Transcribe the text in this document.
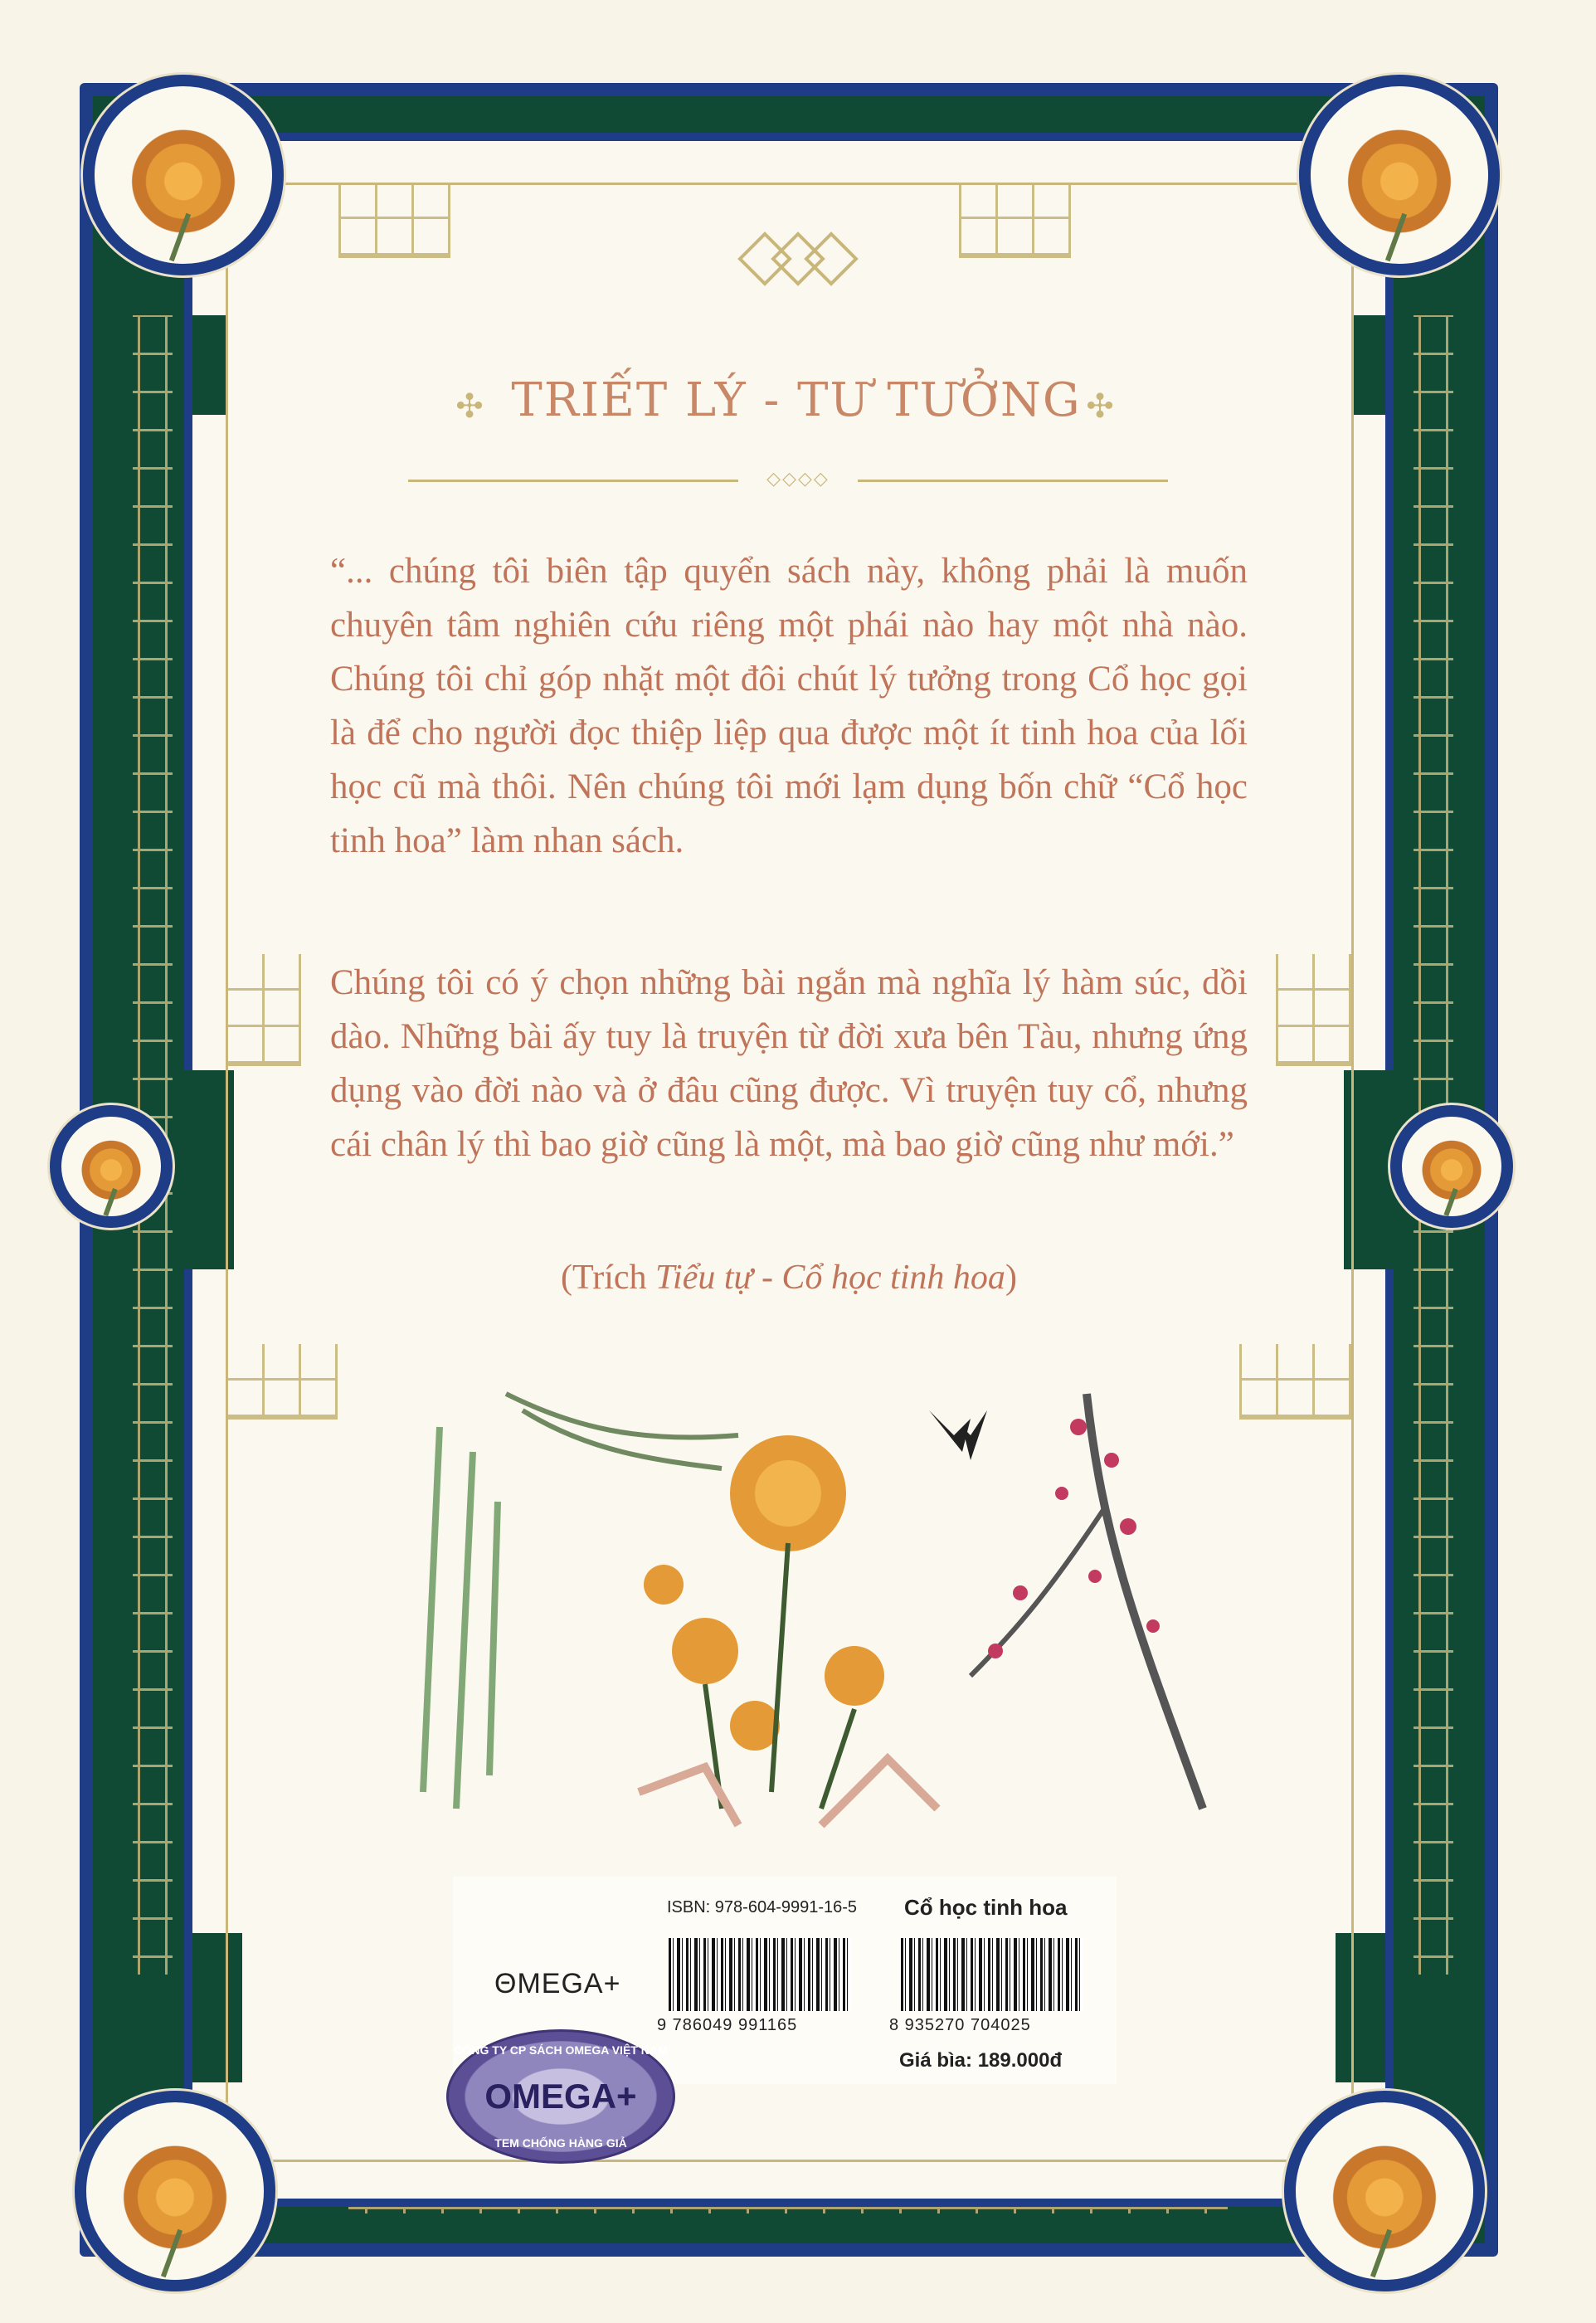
✣ TRIẾT LÝ - TƯ TƯỞNG ✣
◇◇◇◇

“... chúng tôi biên tập quyển sách này, không phải là muốn chuyên tâm nghiên cứu riêng một phái nào hay một nhà nào. Chúng tôi chỉ góp nhặt một đôi chút lý tưởng trong Cổ học gọi là để cho người đọc thiệp liệp qua được một ít tinh hoa của lối học cũ mà thôi. Nên chúng tôi mới lạm dụng bốn chữ “Cổ học tinh hoa” làm nhan sách.

Chúng tôi có ý chọn những bài ngắn mà nghĩa lý hàm súc, dồi dào. Những bài ấy tuy là truyện từ đời xưa bên Tàu, nhưng ứng dụng vào đời nào và ở đâu cũng được. Vì truyện tuy cổ, nhưng cái chân lý thì bao giờ cũng là một, mà bao giờ cũng như mới.”

(Trích Tiểu tự - Cổ học tinh hoa)
ISBN: 978-604-9991-16-5 Cổ học tinh hoa
ΘMEGA+
9 786049 991165	8 935270 704025
Giá bìa: 189.000đ
CÔNG TY CP SÁCH OMEGA VIỆT NAM
OMEGA+
TEM CHỐNG HÀNG GIẢ
